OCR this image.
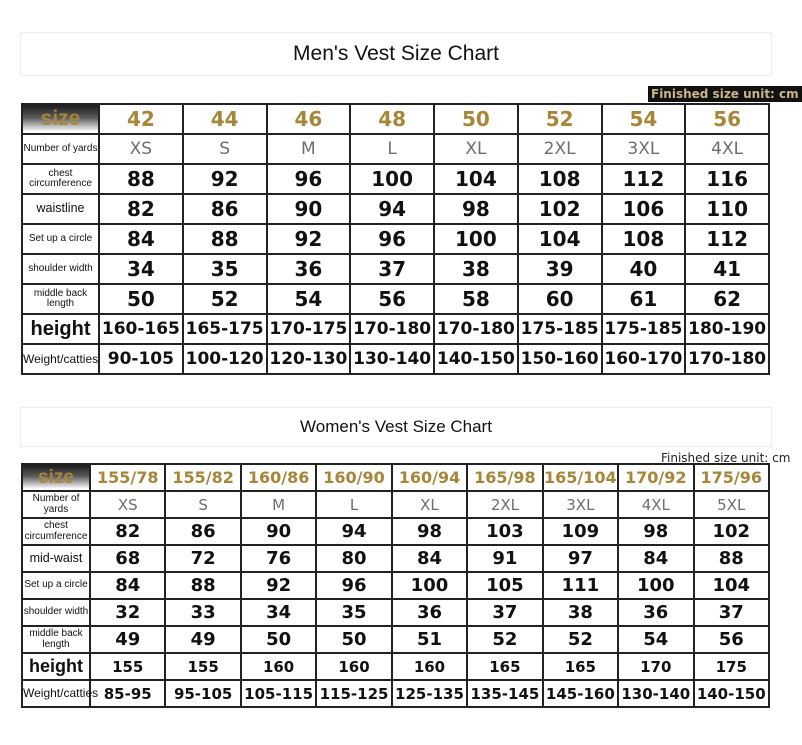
Men's Vest Size Chart
Finished size unit: cm
size	42	44	46	48	50	52	54	56
Number of yards	XS	S	M	L	XL	2XL	3XL	4XL
chest circumference	88	92	96	100	104	108	112	116
waistline	82	86	90	94	98	102	106	110
Set up a circle	84	88	92	96	100	104	108	112
shoulder width	34	35	36	37	38	39	40	41
middle back length	50	52	54	56	58	60	61	62
height	160-165	165-175	170-175	170-180	170-180	175-185	175-185	180-190
Weight/catties	90-105	100-120	120-130	130-140	140-150	150-160	160-170	170-180
Women's Vest Size Chart
Finished size unit: cm
size	155/78	155/82	160/86	160/90	160/94	165/98	165/104	170/92	175/96
Number of yards	XS	S	M	L	XL	2XL	3XL	4XL	5XL
chest circumference	82	86	90	94	98	103	109	98	102
mid-waist	68	72	76	80	84	91	97	84	88
Set up a circle	84	88	92	96	100	105	111	100	104
shoulder width	32	33	34	35	36	37	38	36	37
middle back length	49	49	50	50	51	52	52	54	56
height	155	155	160	160	160	165	165	170	175
Weight/catties	85-95	95-105	105-115	115-125	125-135	135-145	145-160	130-140	140-150
